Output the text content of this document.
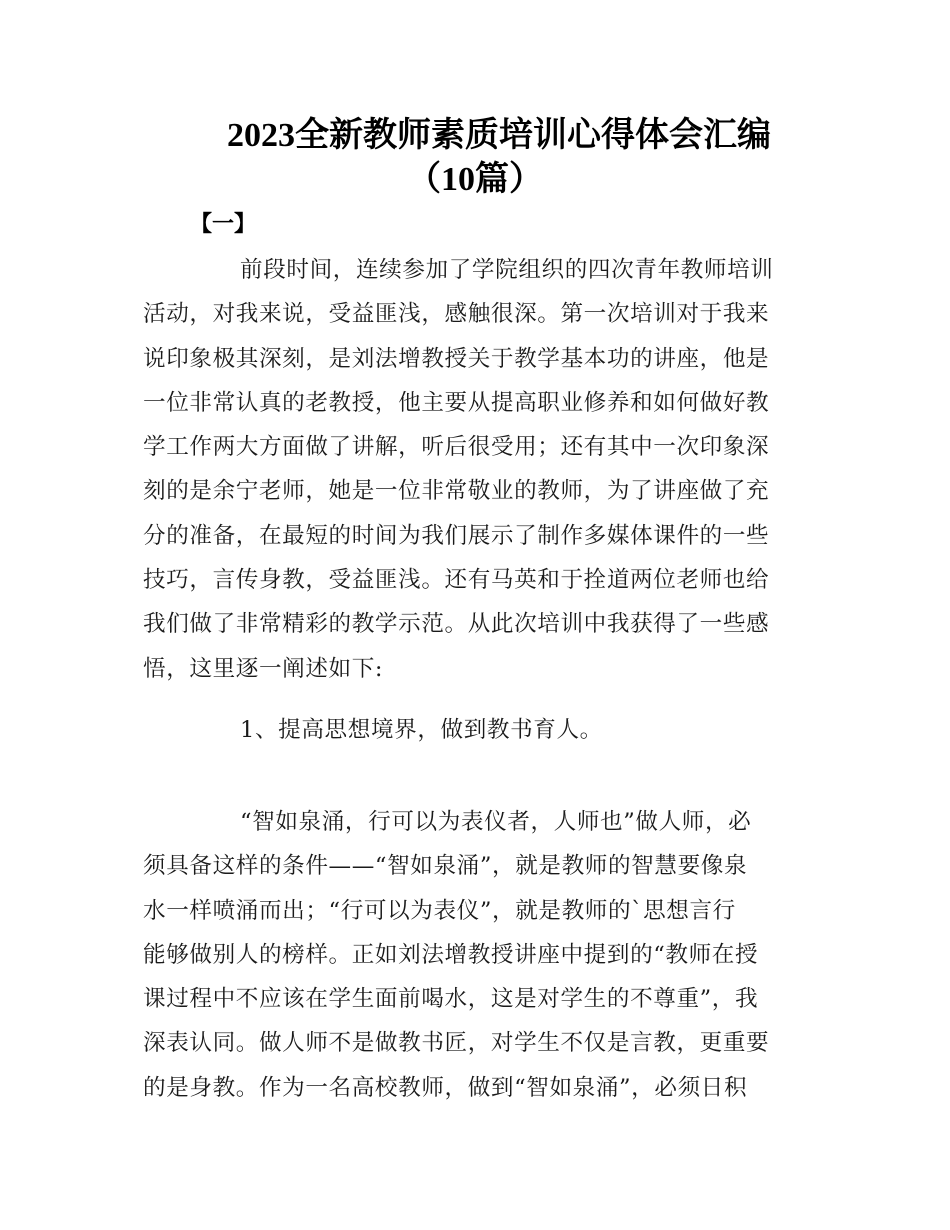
2023全新教师素质培训心得体会汇编
（10篇）
【一】

前段时间，连续参加了学院组织的四次青年教师培训
活动，对我来说，受益匪浅，感触很深。第一次培训对于我来
说印象极其深刻，是刘法增教授关于教学基本功的讲座，他是
一位非常认真的老教授，他主要从提高职业修养和如何做好教
学工作两大方面做了讲解，听后很受用；还有其中一次印象深
刻的是余宁老师，她是一位非常敬业的教师，为了讲座做了充
分的准备，在最短的时间为我们展示了制作多媒体课件的一些
技巧，言传身教，受益匪浅。还有马英和于拴道两位老师也给
我们做了非常精彩的教学示范。从此次培训中我获得了一些感
悟，这里逐一阐述如下:

1、提高思想境界，做到教书育人。

“智如泉涌，行可以为表仪者，人师也”做人师，必
须具备这样的条件——“智如泉涌”，就是教师的智慧要像泉
水一样喷涌而出；“行可以为表仪”，就是教师的`思想言行
能够做别人的榜样。正如刘法增教授讲座中提到的“教师在授
课过程中不应该在学生面前喝水，这是对学生的不尊重”，我
深表认同。做人师不是做教书匠，对学生不仅是言教，更重要
的是身教。作为一名高校教师，做到“智如泉涌”，必须日积
